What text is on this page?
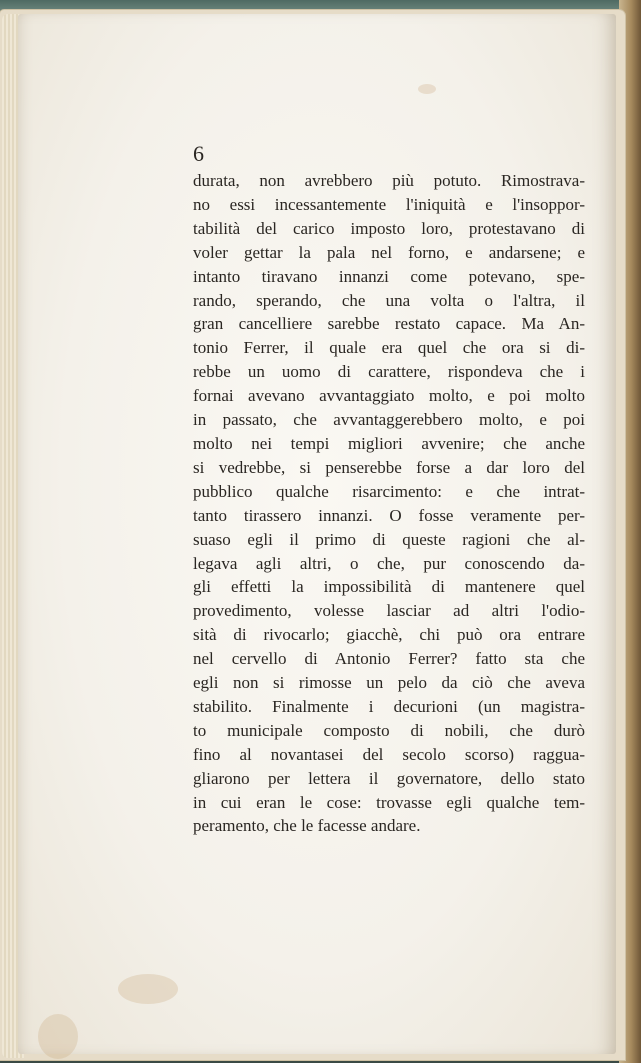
6
durata, non avrebbero più potuto. Rimostrava-
no essi incessantemente l'iniquità e l'insoppor-
tabilità del carico imposto loro, protestavano di
voler gettar la pala nel forno, e andarsene; e
intanto tiravano innanzi come potevano, spe-
rando, sperando, che una volta o l'altra, il
gran cancelliere sarebbe restato capace. Ma An-
tonio Ferrer, il quale era quel che ora si di-
rebbe un uomo di carattere, rispondeva che i
fornai avevano avvantaggiato molto, e poi molto
in passato, che avvantaggerebbero molto, e poi
molto nei tempi migliori avvenire; che anche
si vedrebbe, si penserebbe forse a dar loro del
pubblico qualche risarcimento: e che intrat-
tanto tirassero innanzi. O fosse veramente per-
suaso egli il primo di queste ragioni che al-
legava agli altri, o che, pur conoscendo da-
gli effetti la impossibilità di mantenere quel
provedimento, volesse lasciar ad altri l'odio-
sità di rivocarlo; giacchè, chi può ora entrare
nel cervello di Antonio Ferrer? fatto sta che
egli non si rimosse un pelo da ciò che aveva
stabilito. Finalmente i decurioni (un magistra-
to municipale composto di nobili, che durò
fino al novantasei del secolo scorso) raggua-
gliarono per lettera il governatore, dello stato
in cui eran le cose: trovasse egli qualche tem-
peramento, che le facesse andare.
